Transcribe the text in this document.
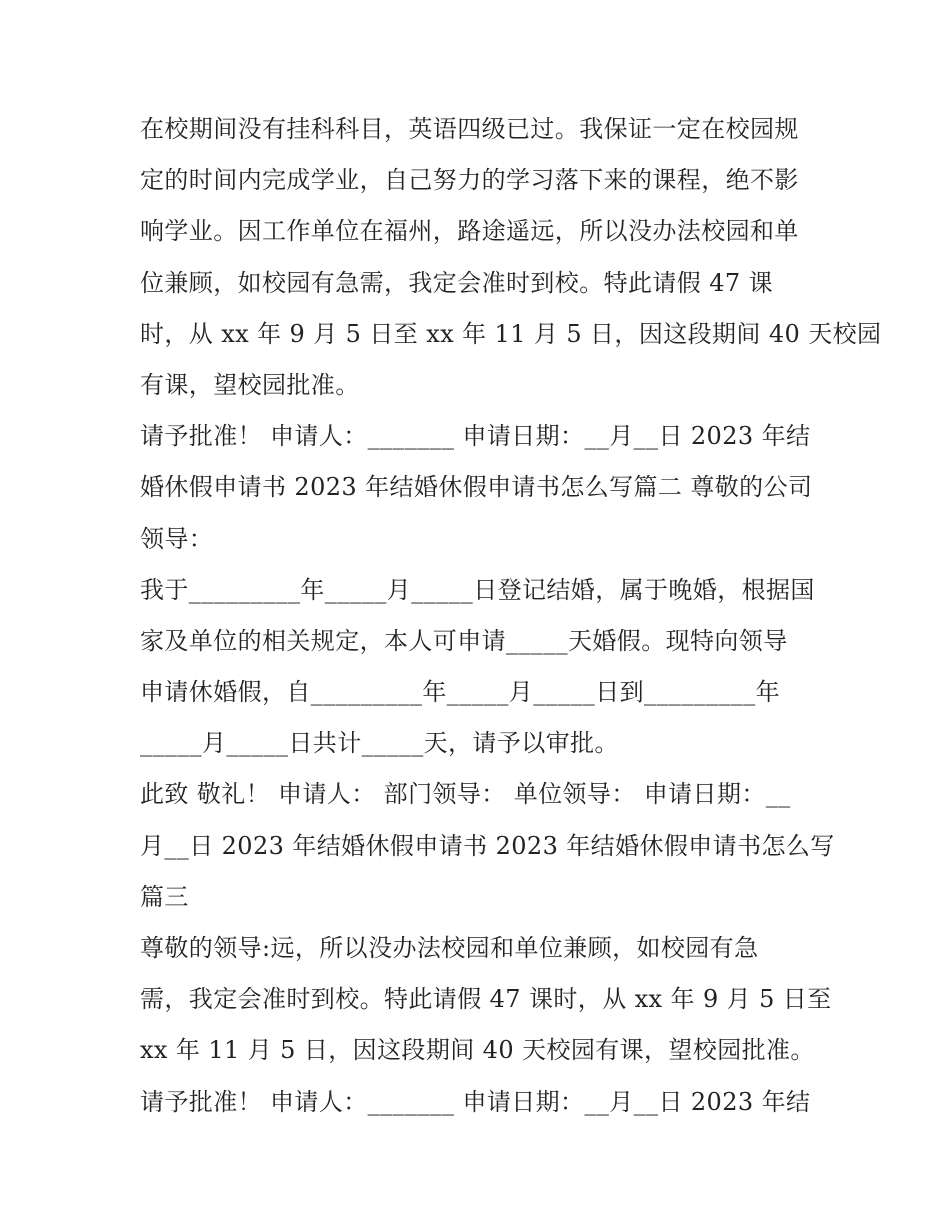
在校期间没有挂科科目，英语四级已过。我保证一定在校园规
定的时间内完成学业，自己努力的学习落下来的课程，绝不影
响学业。因工作单位在福州，路途遥远，所以没办法校园和单
位兼顾，如校园有急需，我定会准时到校。特此请假 47 课
时，从 xx 年 9 月 5 日至 xx 年 11 月 5 日，因这段期间 40 天校园
有课，望校园批准。
请予批准！ 申请人：_______ 申请日期：__月__日 2023 年结
婚休假申请书 2023 年结婚休假申请书怎么写篇二 尊敬的公司
领导：
我于_________年_____月_____日登记结婚，属于晚婚，根据国
家及单位的相关规定，本人可申请_____天婚假。现特向领导
申请休婚假，自_________年_____月_____日到_________年
_____月_____日共计_____天，请予以审批。
此致 敬礼！ 申请人： 部门领导： 单位领导： 申请日期：__
月__日 2023 年结婚休假申请书 2023 年结婚休假申请书怎么写
篇三
尊敬的领导:远，所以没办法校园和单位兼顾，如校园有急
需，我定会准时到校。特此请假 47 课时，从 xx 年 9 月 5 日至
xx 年 11 月 5 日，因这段期间 40 天校园有课，望校园批准。
请予批准！ 申请人：_______ 申请日期：__月__日 2023 年结
